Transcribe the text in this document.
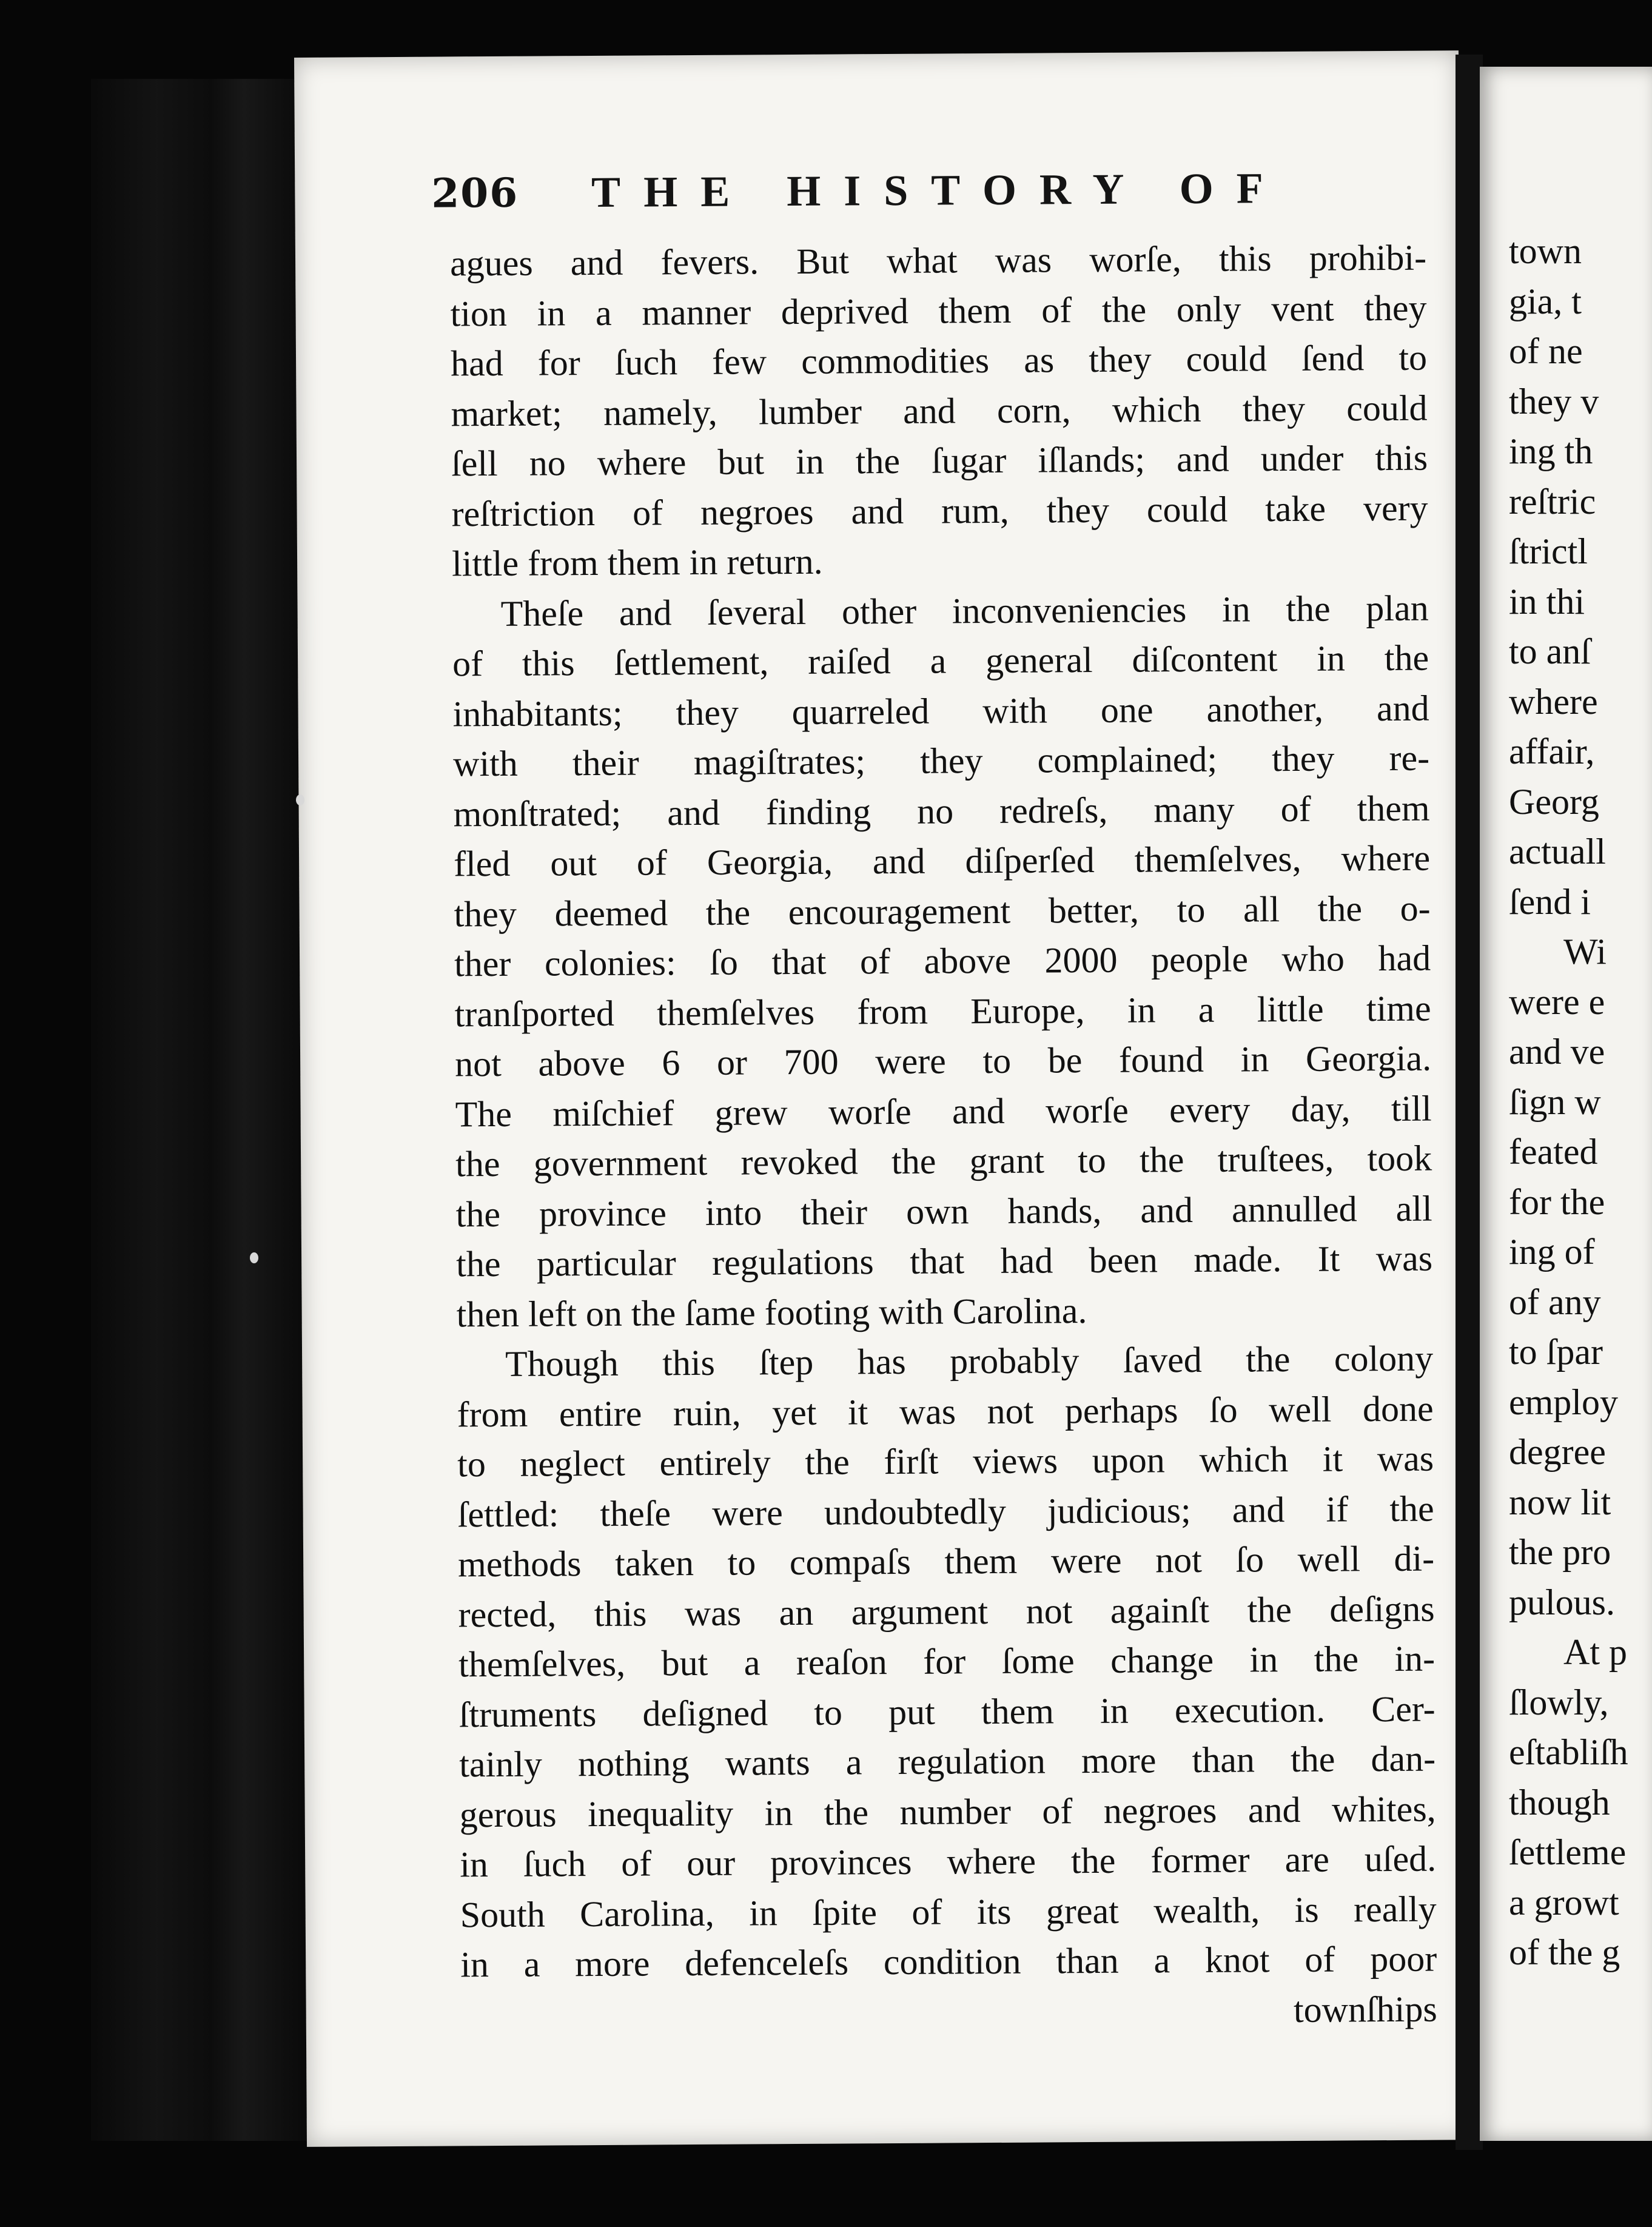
206 THE HISTORY OF
agues and fevers. But what was worſe, this prohibi-
tion in a manner deprived them of the only vent they
had for ſuch few commodities as they could ſend to
market; namely, lumber and corn, which they could
ſell no where but in the ſugar iſlands; and under this
reſtriction of negroes and rum, they could take very
little from them in return.
Theſe and ſeveral other inconveniencies in the plan
of this ſettlement, raiſed a general diſcontent in the
inhabitants; they quarreled with one another, and
with their magiſtrates; they complained; they re-
monſtrated; and finding no redreſs, many of them
fled out of Georgia, and diſperſed themſelves, where
they deemed the encouragement better, to all the o-
ther colonies: ſo that of above 2000 people who had
tranſported themſelves from Europe, in a little time
not above 6 or 700 were to be found in Georgia.
The miſchief grew worſe and worſe every day, till
the government revoked the grant to the truſtees, took
the province into their own hands, and annulled all
the particular regulations that had been made. It was
then left on the ſame footing with Carolina.
Though this ſtep has probably ſaved the colony
from entire ruin, yet it was not perhaps ſo well done
to neglect entirely the firſt views upon which it was
ſettled: theſe were undoubtedly judicious; and if the
methods taken to compaſs them were not ſo well di-
rected, this was an argument not againſt the deſigns
themſelves, but a reaſon for ſome change in the in-
ſtruments deſigned to put them in execution. Cer-
tainly nothing wants a regulation more than the dan-
gerous inequality in the number of negroes and whites,
in ſuch of our provinces where the former are uſed.
South Carolina, in ſpite of its great wealth, is really
in a more defenceleſs condition than a knot of poor
townſhips
town
gia, t
of ne
they v
ing th
reſtric
ſtrictl
in thi
to anſ
where
affair,
Georg
actuall
ſend i
Wi
were e
and ve
ſign w
feated
for the
ing of
of any
to ſpar
employ
degree
now lit
the pro
pulous.
At p
ſlowly,
eſtabliſh
though
ſettleme
a growt
of the g
